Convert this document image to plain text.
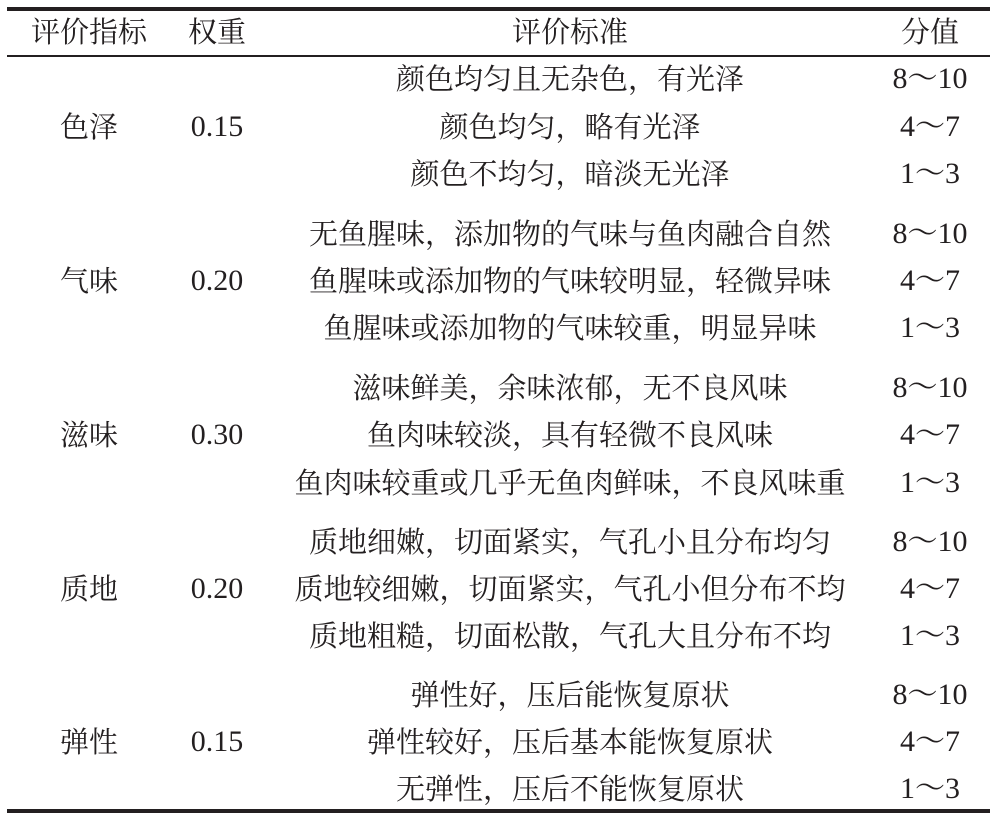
评价指标 权重	评价标准	分值
色泽 0.15
颜色均匀且无杂色，有光泽	8～10
颜色均匀，略有光泽	4～7
颜色不均匀，暗淡无光泽	1～3
气味 0.20
无鱼腥味，添加物的气味与鱼肉融合自然 8～10
鱼腥味或添加物的气味较明显，轻微异味 4～7
鱼腥味或添加物的气味较重，明显异味	1～3
滋味 0.30
滋味鲜美，余味浓郁，无不良风味	8～10
鱼肉味较淡，具有轻微不良风味	4～7
鱼肉味较重或几乎无鱼肉鲜味，不良风味重 1～3
质地 0.20
质地细嫩，切面紧实，气孔小且分布均匀 8～10
质地较细嫩，切面紧实，气孔小但分布不均 4～7
质地粗糙，切面松散，气孔大且分布不均 1～3
弹性 0.15
弹性好，压后能恢复原状	8～10
弹性较好，压后基本能恢复原状	4～7
无弹性，压后不能恢复原状	1～3
